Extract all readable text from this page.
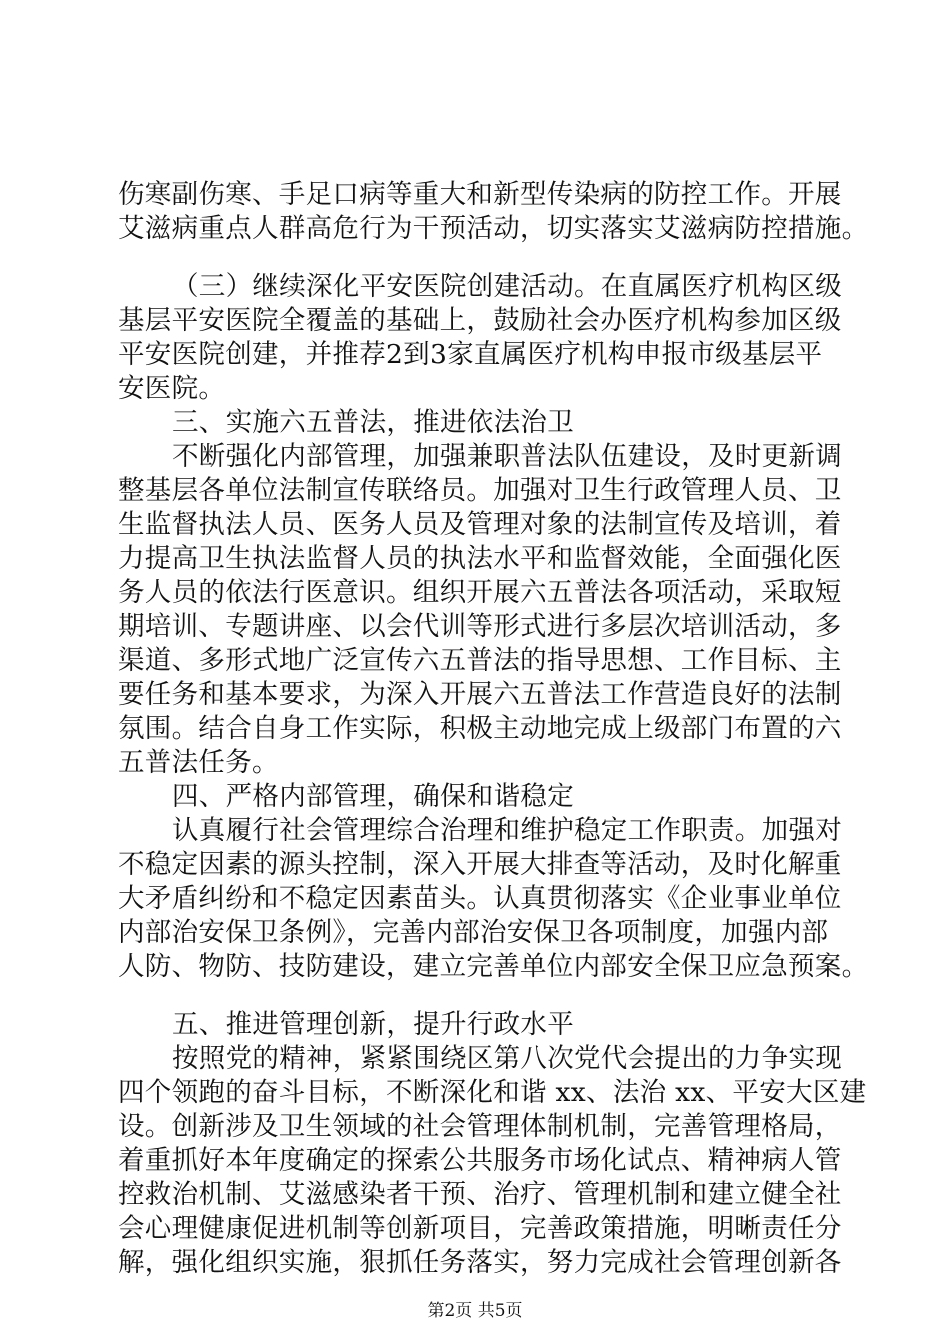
伤寒副伤寒、手足口病等重大和新型传染病的防控工作。开展
艾滋病重点人群高危行为干预活动，切实落实艾滋病防控措施。
（三）继续深化平安医院创建活动。在直属医疗机构区级
基层平安医院全覆盖的基础上，鼓励社会办医疗机构参加区级
平安医院创建，并推荐2到3家直属医疗机构申报市级基层平
安医院。
三、实施六五普法，推进依法治卫
不断强化内部管理，加强兼职普法队伍建设，及时更新调
整基层各单位法制宣传联络员。加强对卫生行政管理人员、卫
生监督执法人员、医务人员及管理对象的法制宣传及培训，着
力提高卫生执法监督人员的执法水平和监督效能，全面强化医
务人员的依法行医意识。组织开展六五普法各项活动，采取短
期培训、专题讲座、以会代训等形式进行多层次培训活动，多
渠道、多形式地广泛宣传六五普法的指导思想、工作目标、主
要任务和基本要求，为深入开展六五普法工作营造良好的法制
氛围。结合自身工作实际，积极主动地完成上级部门布置的六
五普法任务。
四、严格内部管理，确保和谐稳定
认真履行社会管理综合治理和维护稳定工作职责。加强对
不稳定因素的源头控制，深入开展大排查等活动，及时化解重
大矛盾纠纷和不稳定因素苗头。认真贯彻落实《企业事业单位
内部治安保卫条例》，完善内部治安保卫各项制度，加强内部
人防、物防、技防建设，建立完善单位内部安全保卫应急预案。
五、推进管理创新，提升行政水平
按照党的精神，紧紧围绕区第八次党代会提出的力争实现
四个领跑的奋斗目标，不断深化和谐 xx、法治 xx、平安大区建
设。创新涉及卫生领域的社会管理体制机制，完善管理格局，
着重抓好本年度确定的探索公共服务市场化试点、精神病人管
控救治机制、艾滋感染者干预、治疗、管理机制和建立健全社
会心理健康促进机制等创新项目，完善政策措施，明晰责任分
解，强化组织实施，狠抓任务落实，努力完成社会管理创新各
第2页 共5页
